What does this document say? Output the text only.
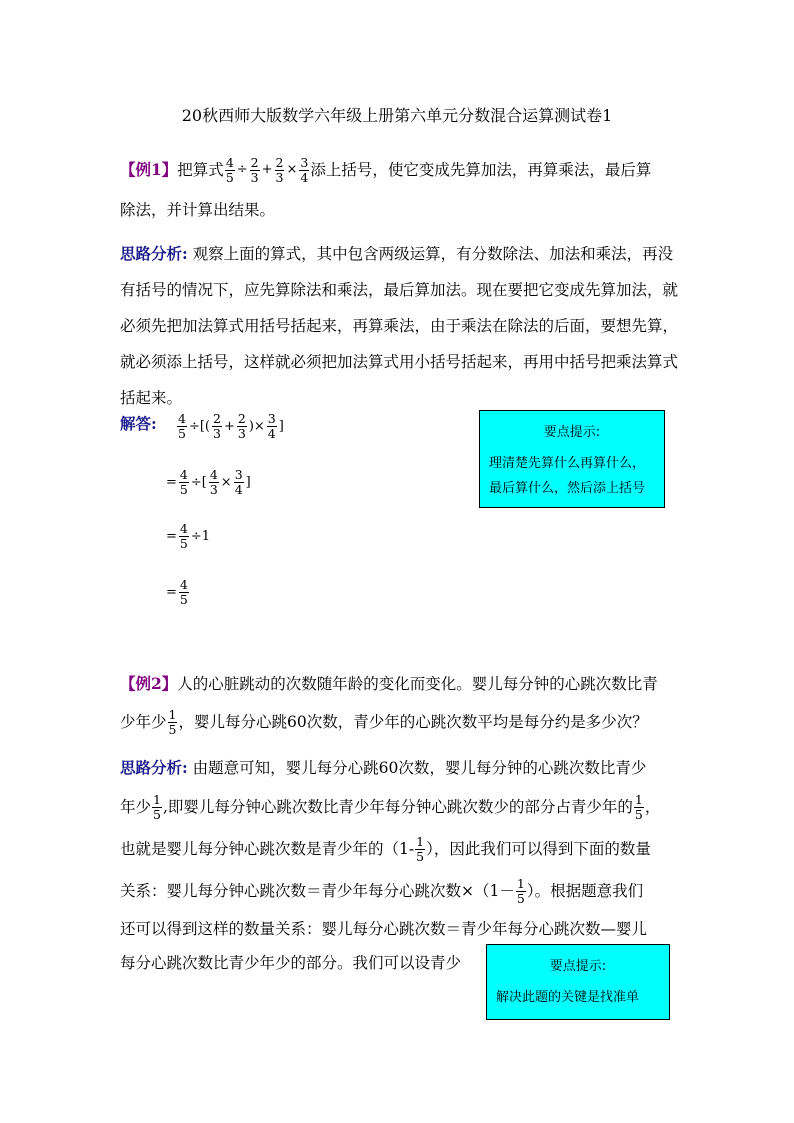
20秋西师大版数学六年级上册第六单元分数混合运算测试卷1
【例1】 把算式 $\frac{4}{5} \div \frac{2}{3} + \frac{2}{3} \times \frac{3}{4}$ 添上括号，使它变成先算加法，再算乘法，最后算
除法，并计算出结果。
思路分析: 观察上面的算式，其中包含两级运算，有分数除法、加法和乘法，再没有括号的情况下，应先算除法和乘法，最后算加法。现在要把它变成先算加法，就必须先把加法算式用括号括起来，再算乘法，由于乘法在除法的后面，要想先算，就必须添上括号，这样就必须把加法算式用小括号括起来，再用中括号把乘法算式括起来。
解答: $\frac{4}{5}$ ÷[( $\frac{2}{3} + \frac{2}{3}$ )× $\frac{3}{4}$ ]
= $\frac{4}{5}$ ÷[ $\frac{4}{3} \times \frac{3}{4}$ ]
= $\frac{4}{5} \div 1$
= $\frac{4}{5}$
要点提示:
理清楚先算什么再算什么，
最后算什么，然后添上括号
【例2】人的心脏跳动的次数随年龄的变化而变化。婴儿每分钟的心跳次数比青
少年少 $\frac{1}{5}$ ，婴儿每分心跳60次数，青少年的心跳次数平均是每分约是多少次？
思路分析: 由题意可知，婴儿每分心跳60次数，婴儿每分钟的心跳次数比青少
年少 $\frac{1}{5}$ ,即婴儿每分钟心跳次数比青少年每分钟心跳次数少的部分占青少年的 $\frac{1}{5}$ ，
也就是婴儿每分钟心跳次数是青少年的（$1- \frac{1}{5}$ ），因此我们可以得到下面的数量
关系：婴儿每分钟心跳次数＝青少年每分心跳次数$\times(1- \frac{1}{5}$ ）。根据题意我们
还可以得到这样的数量关系：婴儿每分心跳次数＝青少年每分心跳次数—婴儿
每分心跳次数比青少年少的部分。我们可以设青少	要点提示:
解决此题的关键是找准单
